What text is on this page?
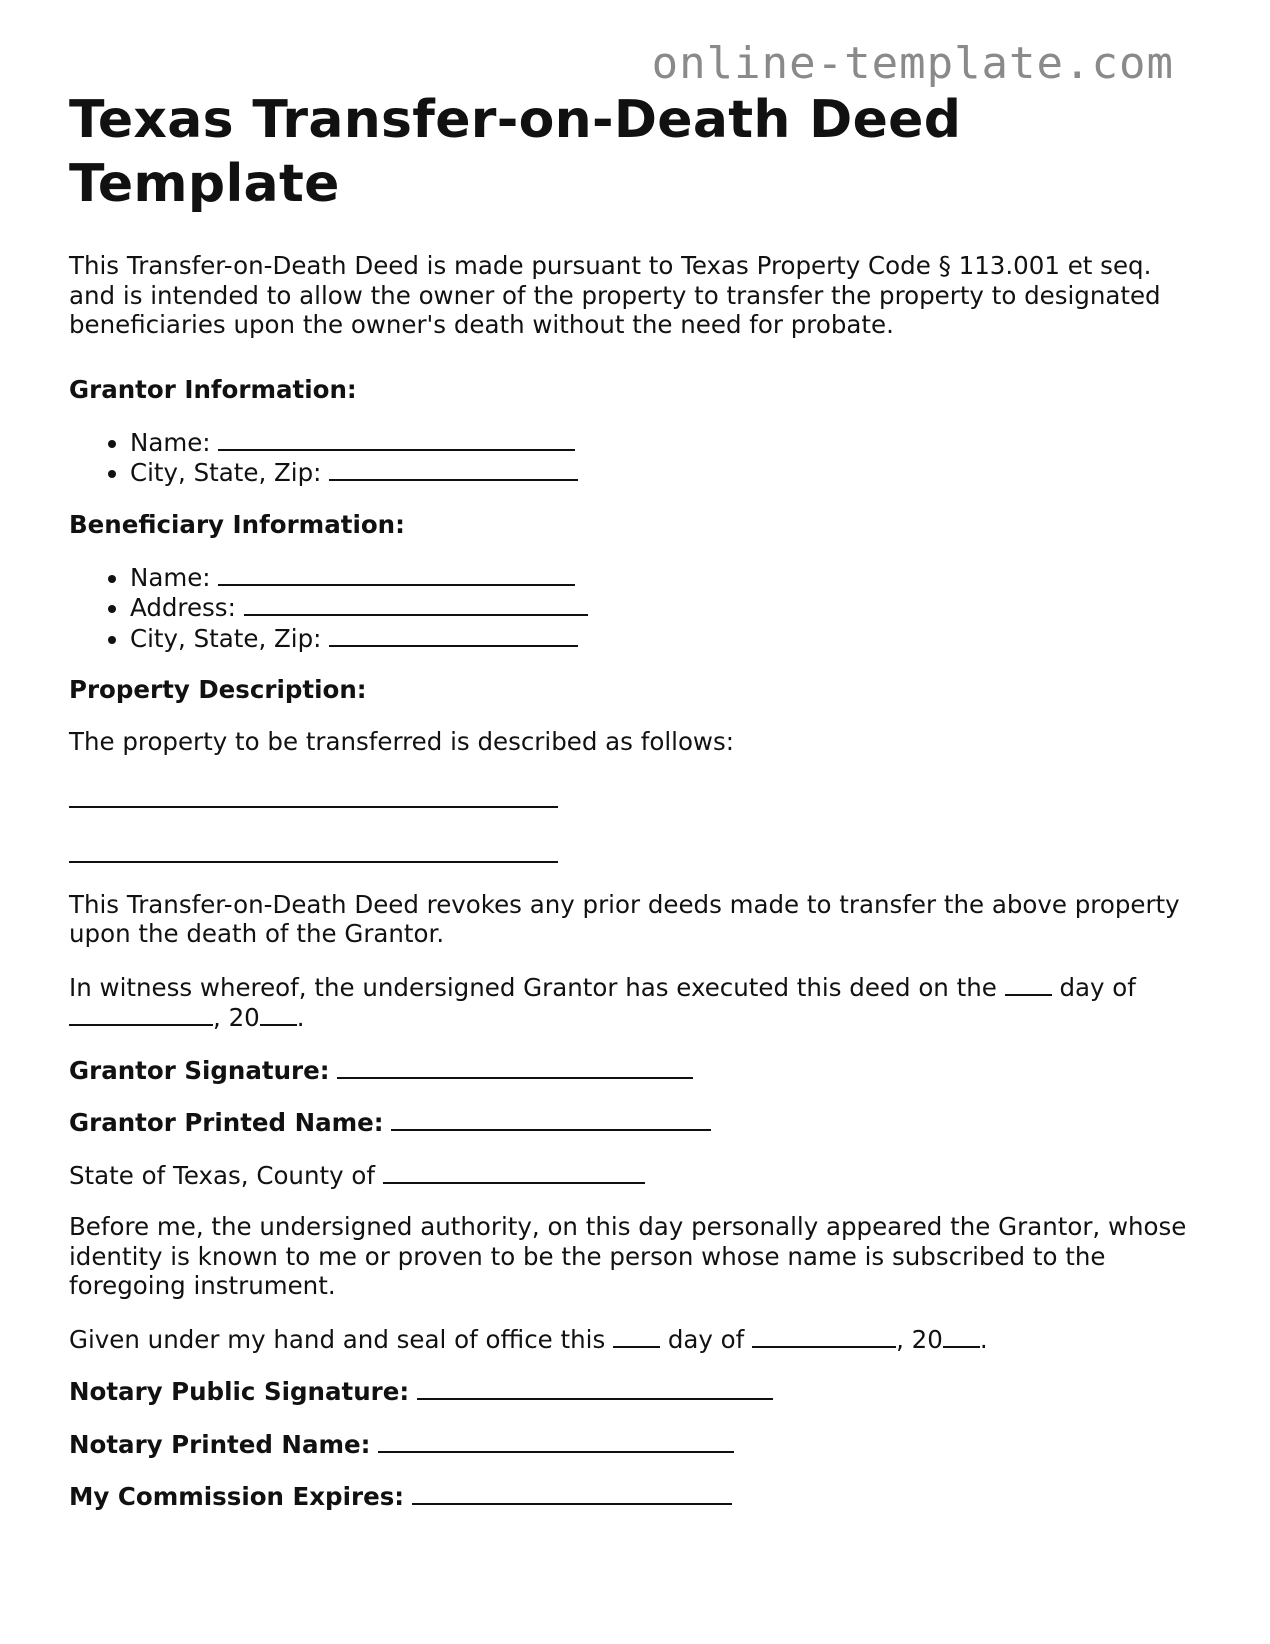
online-template.com
Texas Transfer-on-Death Deed Template

This Transfer-on-Death Deed is made pursuant to Texas Property Code § 113.001 et seq. and is intended to allow the owner of the property to transfer the property to designated beneficiaries upon the owner's death without the need for probate.

Grantor Information:
• Name:
• City, State, Zip:
Beneficiary Information:
• Name:
• Address:
• City, State, Zip:
Property Description:

The property to be transferred is described as follows:

This Transfer-on-Death Deed revokes any prior deeds made to transfer the above property upon the death of the Grantor.

In witness whereof, the undersigned Grantor has executed this deed on the	day of
, 20 .

Grantor Signature:

Grantor Printed Name:

State of Texas, County of

Before me, the undersigned authority, on this day personally appeared the Grantor, whose identity is known to me or proven to be the person whose name is subscribed to the foregoing instrument.

Given under my hand and seal of office this	day of	, 20 .

Notary Public Signature:

Notary Printed Name:

My Commission Expires:
